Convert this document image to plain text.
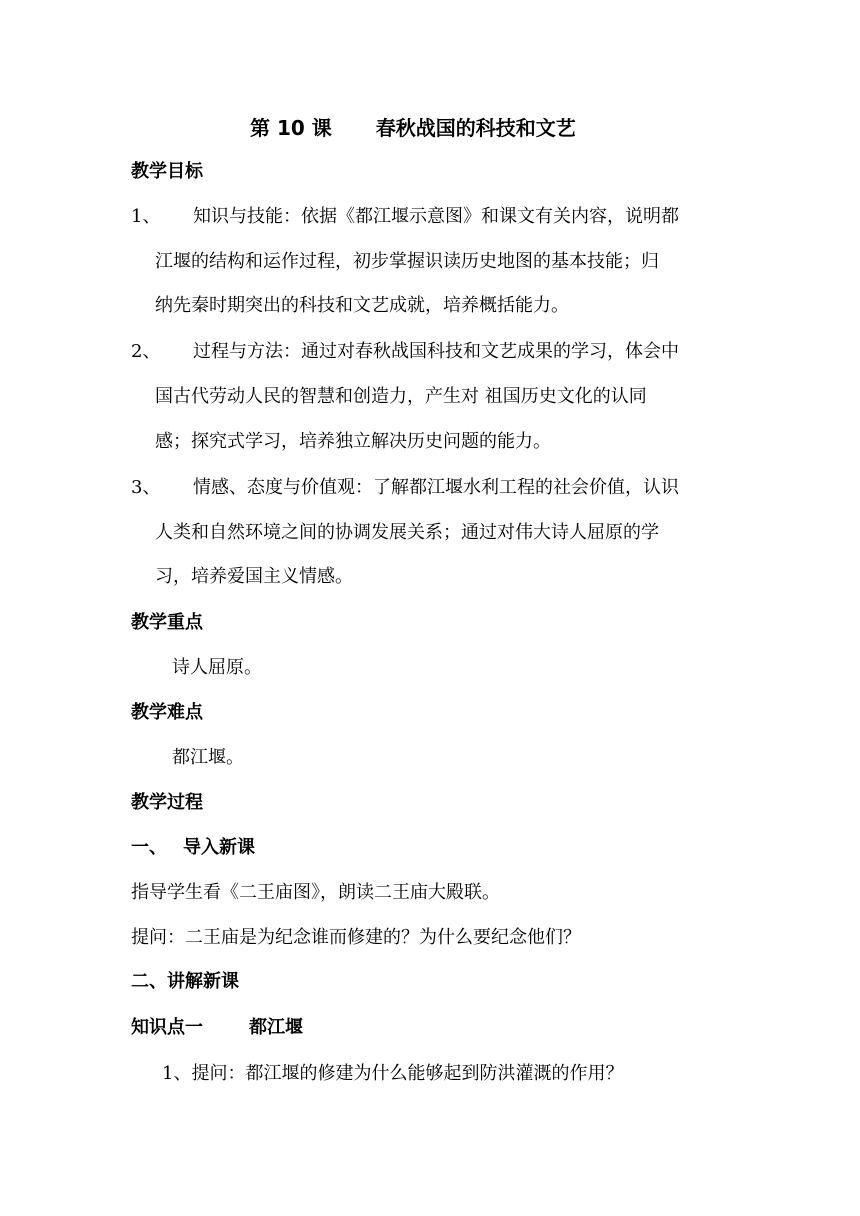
第 10 课 春秋战国的科技和文艺
教学目标
1、 知识与技能：依据《都江堰示意图》和课文有关内容，说明都
江堰的结构和运作过程，初步掌握识读历史地图的基本技能；归
纳先秦时期突出的科技和文艺成就，培养概括能力。
2、 过程与方法：通过对春秋战国科技和文艺成果的学习，体会中
国古代劳动人民的智慧和创造力，产生对 祖国历史文化的认同
感；探究式学习，培养独立解决历史问题的能力。
3、 情感、态度与价值观：了解都江堰水利工程的社会价值，认识
人类和自然环境之间的协调发展关系；通过对伟大诗人屈原的学
习，培养爱国主义情感。
教学重点
诗人屈原。
教学难点
都江堰。
教学过程
一、 导入新课
指导学生看《二王庙图》，朗读二王庙大殿联。
提问：二王庙是为纪念谁而修建的？为什么要纪念他们？
二、讲解新课
知识点一	都江堰
1、提问：都江堰的修建为什么能够起到防洪灌溉的作用？
